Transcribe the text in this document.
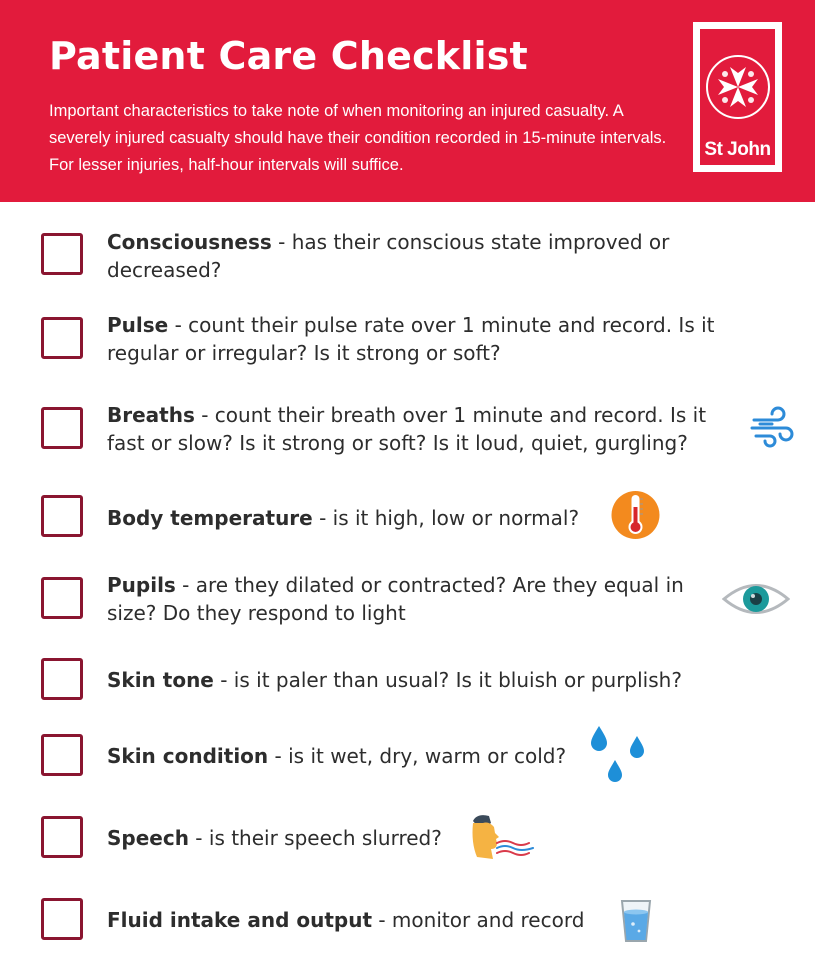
Patient Care Checklist

Important characteristics to take note of when monitoring an injured casualty. A severely injured casualty should have their condition recorded in 15-minute intervals. For lesser injuries, half-hour intervals will suffice.

St John

Consciousness - has their conscious state improved or decreased?

Pulse - count their pulse rate over 1 minute and record. Is it regular or irregular? Is it strong or soft?

Breaths - count their breath over 1 minute and record. Is it fast or slow? Is it strong or soft? Is it loud, quiet, gurgling?

Body temperature - is it high, low or normal?

Pupils - are they dilated or contracted? Are they equal in size? Do they respond to light

Skin tone - is it paler than usual? Is it bluish or purplish?

Skin condition - is it wet, dry, warm or cold?

Speech - is their speech slurred?

Fluid intake and output - monitor and record
